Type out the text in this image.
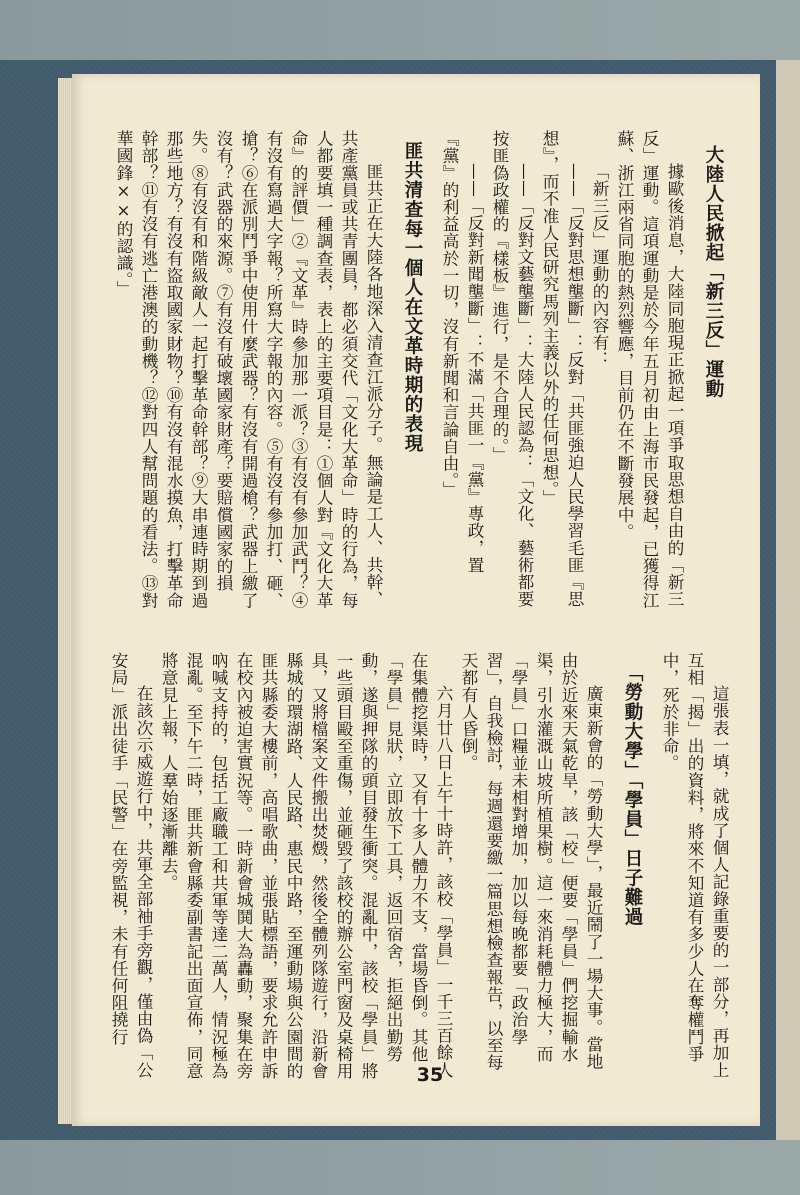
大陸人民掀起「新三反」運動
據歐後消息，大陸同胞現正掀起一項爭取思想自由的「新三反」運動。這項運動是於今年五月初由上海市民發起，已獲得江蘇、浙江兩省同胞的熱烈響應，目前仍在不斷發展中。
「新三反」運動的內容有：
——「反對思想壟斷」：反對「共匪強迫人民學習毛匪『思想』，而不准人民研究馬列主義以外的任何思想。」
——「反對文藝壟斷」：大陸人民認為：「文化、藝術都要按匪偽政權的『樣板』進行，是不合理的。」
——「反對新聞壟斷」：不滿「共匪一『黨』專政，置『黨』的利益高於一切，沒有新聞和言論自由。」
匪共清查每一個人在文革時期的表現
匪共正在大陸各地深入清查江派分子。無論是工人、共幹、共產黨員或共青團員，都必須交代「文化大革命」時的行為，每人都要填一種調查表，表上的主要項目是：①個人對『文化大革命』的評價」②『文革』時參加那一派？③有沒有參加武鬥？④有沒有寫過大字報？所寫大字報的內容。⑤有沒有參加打、砸、搶？⑥在派別鬥爭中使用什麼武器？有沒有開過槍？武器上繳了沒有？武器的來源。⑦有沒有破壞國家財產？要賠償國家的損失。⑧有沒有和階級敵人一起打擊革命幹部？⑨大串連時期到過那些地方？有沒有盜取國家財物？⑩有沒有混水摸魚，打擊革命幹部？⑪有沒有逃亡港澳的動機？⑫對四人幫問題的看法。⑬對華國鋒××的認識。」
這張表一填，就成了個人記錄重要的一部分，再加上互相「揭」出的資料，將來不知道有多少人在奪權鬥爭中，死於非命。
「勞動大學」「學員」日子難過
廣東新會的「勞動大學」，最近鬧了一場大事。當地由於近來天氣乾旱，該「校」便要「學員」們挖掘輸水渠，引水灌溉山坡所植果樹。這一來消耗體力極大，而「學員」口糧並未相對增加，加以每晚都要「政治學習」，自我檢討，每週還要繳一篇思想檢查報告，以至每天都有人昏倒。
六月廿八日上午十時許，該校「學員」一千三百餘人在集體挖渠時，又有十多人體力不支，當場昏倒。其他「學員」見狀，立即放下工具，返回宿舍，拒絕出勤勞動，遂與押隊的頭目發生衝突。混亂中，該校「學員」將一些頭目毆至重傷，並砸毀了該校的辦公室門窗及桌椅用具，又將檔案文件搬出焚燬，然後全體列隊遊行，沿新會縣城的環湖路、人民路、惠民中路，至運動場與公園間的匪共縣委大樓前，高唱歌曲，並張貼標語，要求允許申訴在校內被迫害實況等。一時新會城鬨大為轟動，聚集在旁吶喊支持的，包括工廠職工和共軍等達二萬人，情況極為混亂。至下午二時，匪共新會縣委副書記出面宣佈，同意將意見上報，人羣始逐漸離去。
在該次示威遊行中，共軍全部袖手旁觀，僅由偽「公安局」派出徒手「民警」在旁監視，未有任何阻撓行
35
